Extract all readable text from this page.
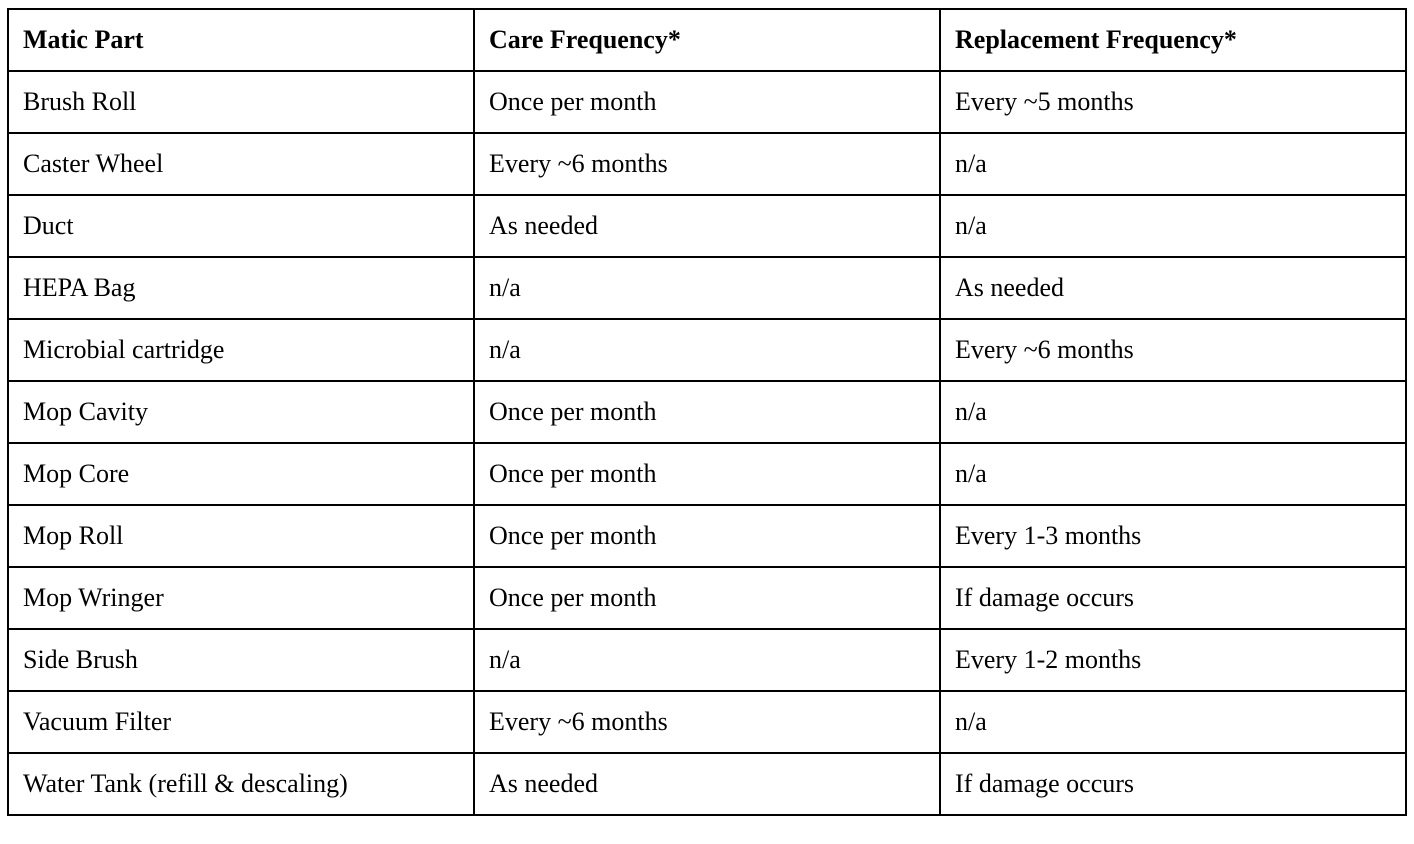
Matic Part	Care Frequency*	Replacement Frequency*
Brush Roll	Once per month	Every ~5 months
Caster Wheel	Every ~6 months	n/a
Duct	As needed	n/a
HEPA Bag	n/a	As needed
Microbial cartridge	n/a	Every ~6 months
Mop Cavity	Once per month	n/a
Mop Core	Once per month	n/a
Mop Roll	Once per month	Every 1-3 months
Mop Wringer	Once per month	If damage occurs
Side Brush	n/a	Every 1-2 months
Vacuum Filter	Every ~6 months	n/a
Water Tank (refill & descaling)	As needed	If damage occurs
